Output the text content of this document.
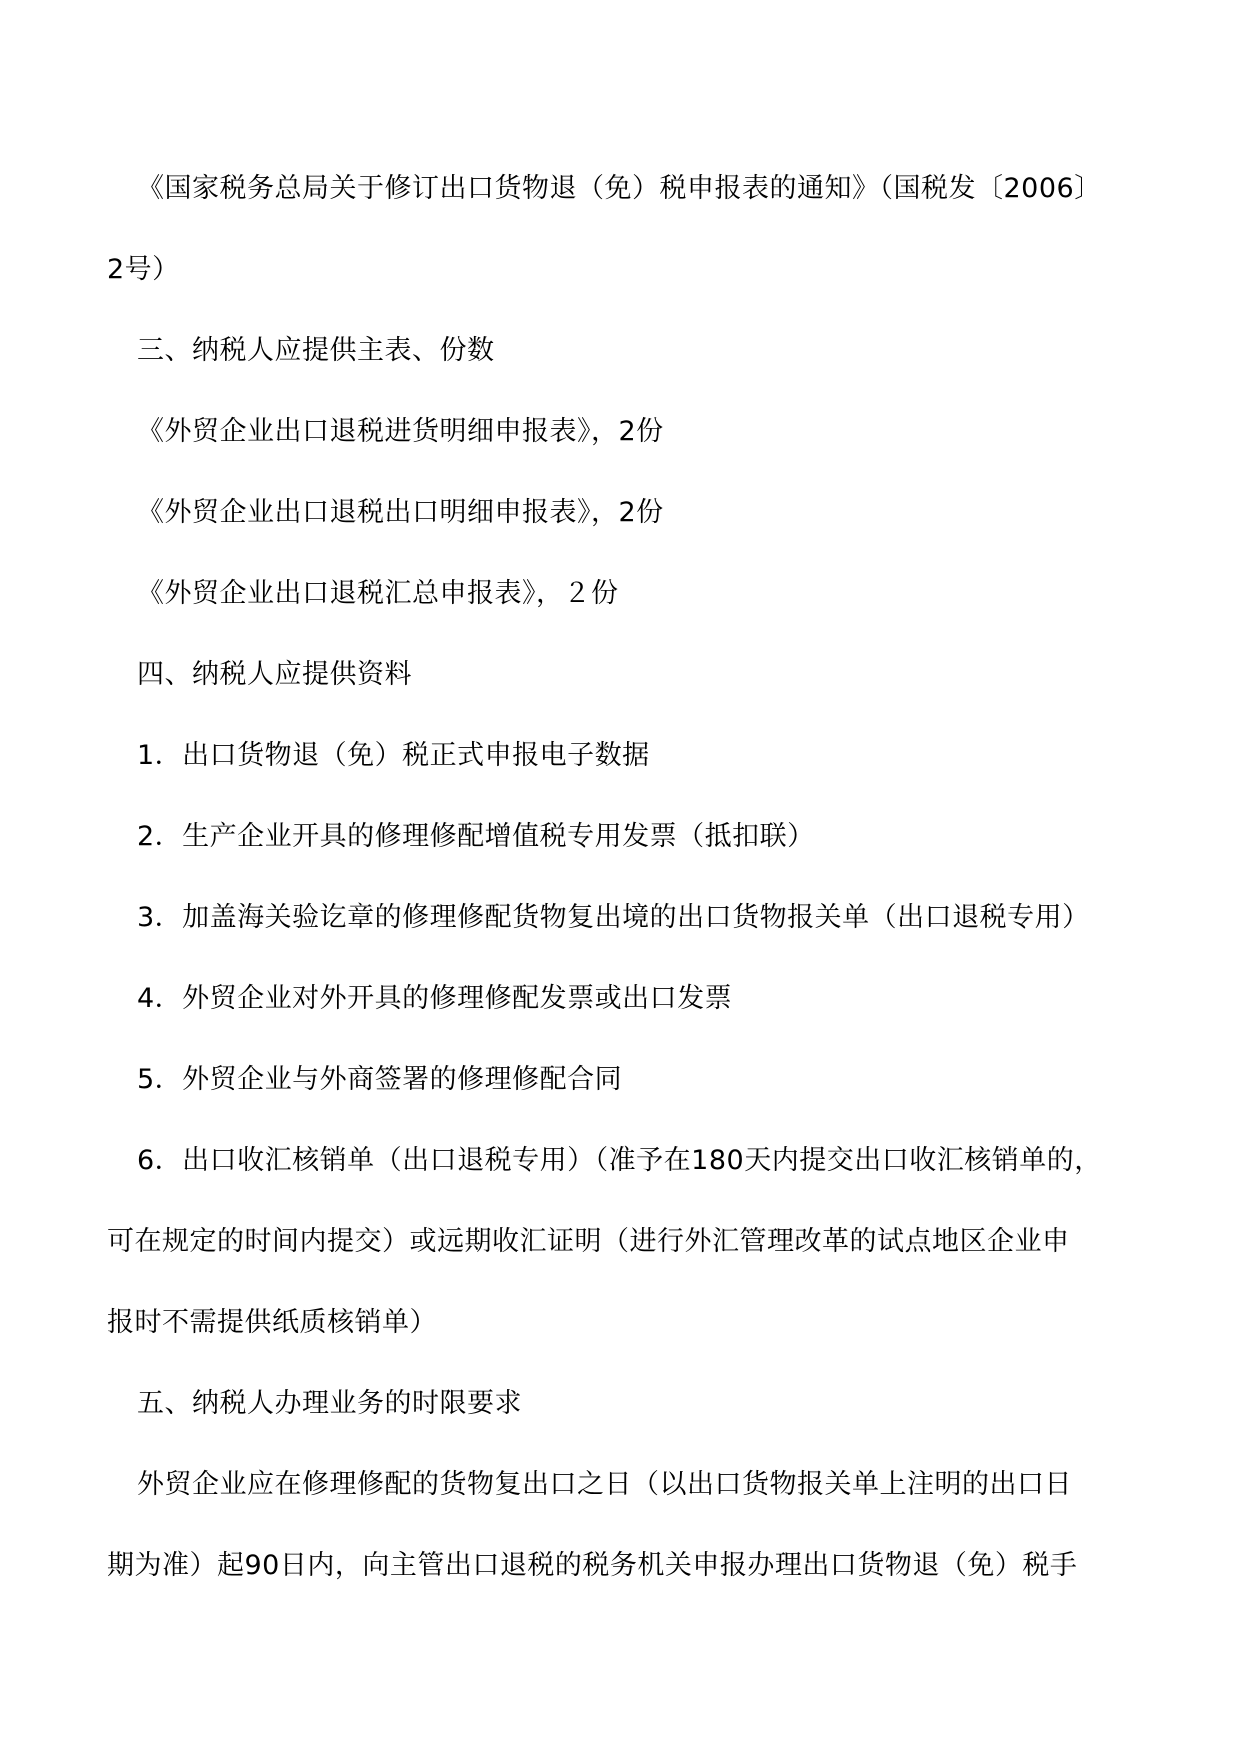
《国家税务总局关于修订出口货物退（免）税申报表的通知》（国税发〔2006〕
2号）
三、纳税人应提供主表、份数
《外贸企业出口退税进货明细申报表》，2份
《外贸企业出口退税出口明细申报表》，2份
《外贸企业出口退税汇总申报表》，２份
四、纳税人应提供资料
1．出口货物退（免）税正式申报电子数据
2．生产企业开具的修理修配增值税专用发票（抵扣联）
3．加盖海关验讫章的修理修配货物复出境的出口货物报关单（出口退税专用）
4．外贸企业对外开具的修理修配发票或出口发票
5．外贸企业与外商签署的修理修配合同
6．出口收汇核销单（出口退税专用）（准予在180天内提交出口收汇核销单的，
可在规定的时间内提交）或远期收汇证明（进行外汇管理改革的试点地区企业申
报时不需提供纸质核销单）
五、纳税人办理业务的时限要求
外贸企业应在修理修配的货物复出口之日（以出口货物报关单上注明的出口日
期为准）起90日内，向主管出口退税的税务机关申报办理出口货物退（免）税手
